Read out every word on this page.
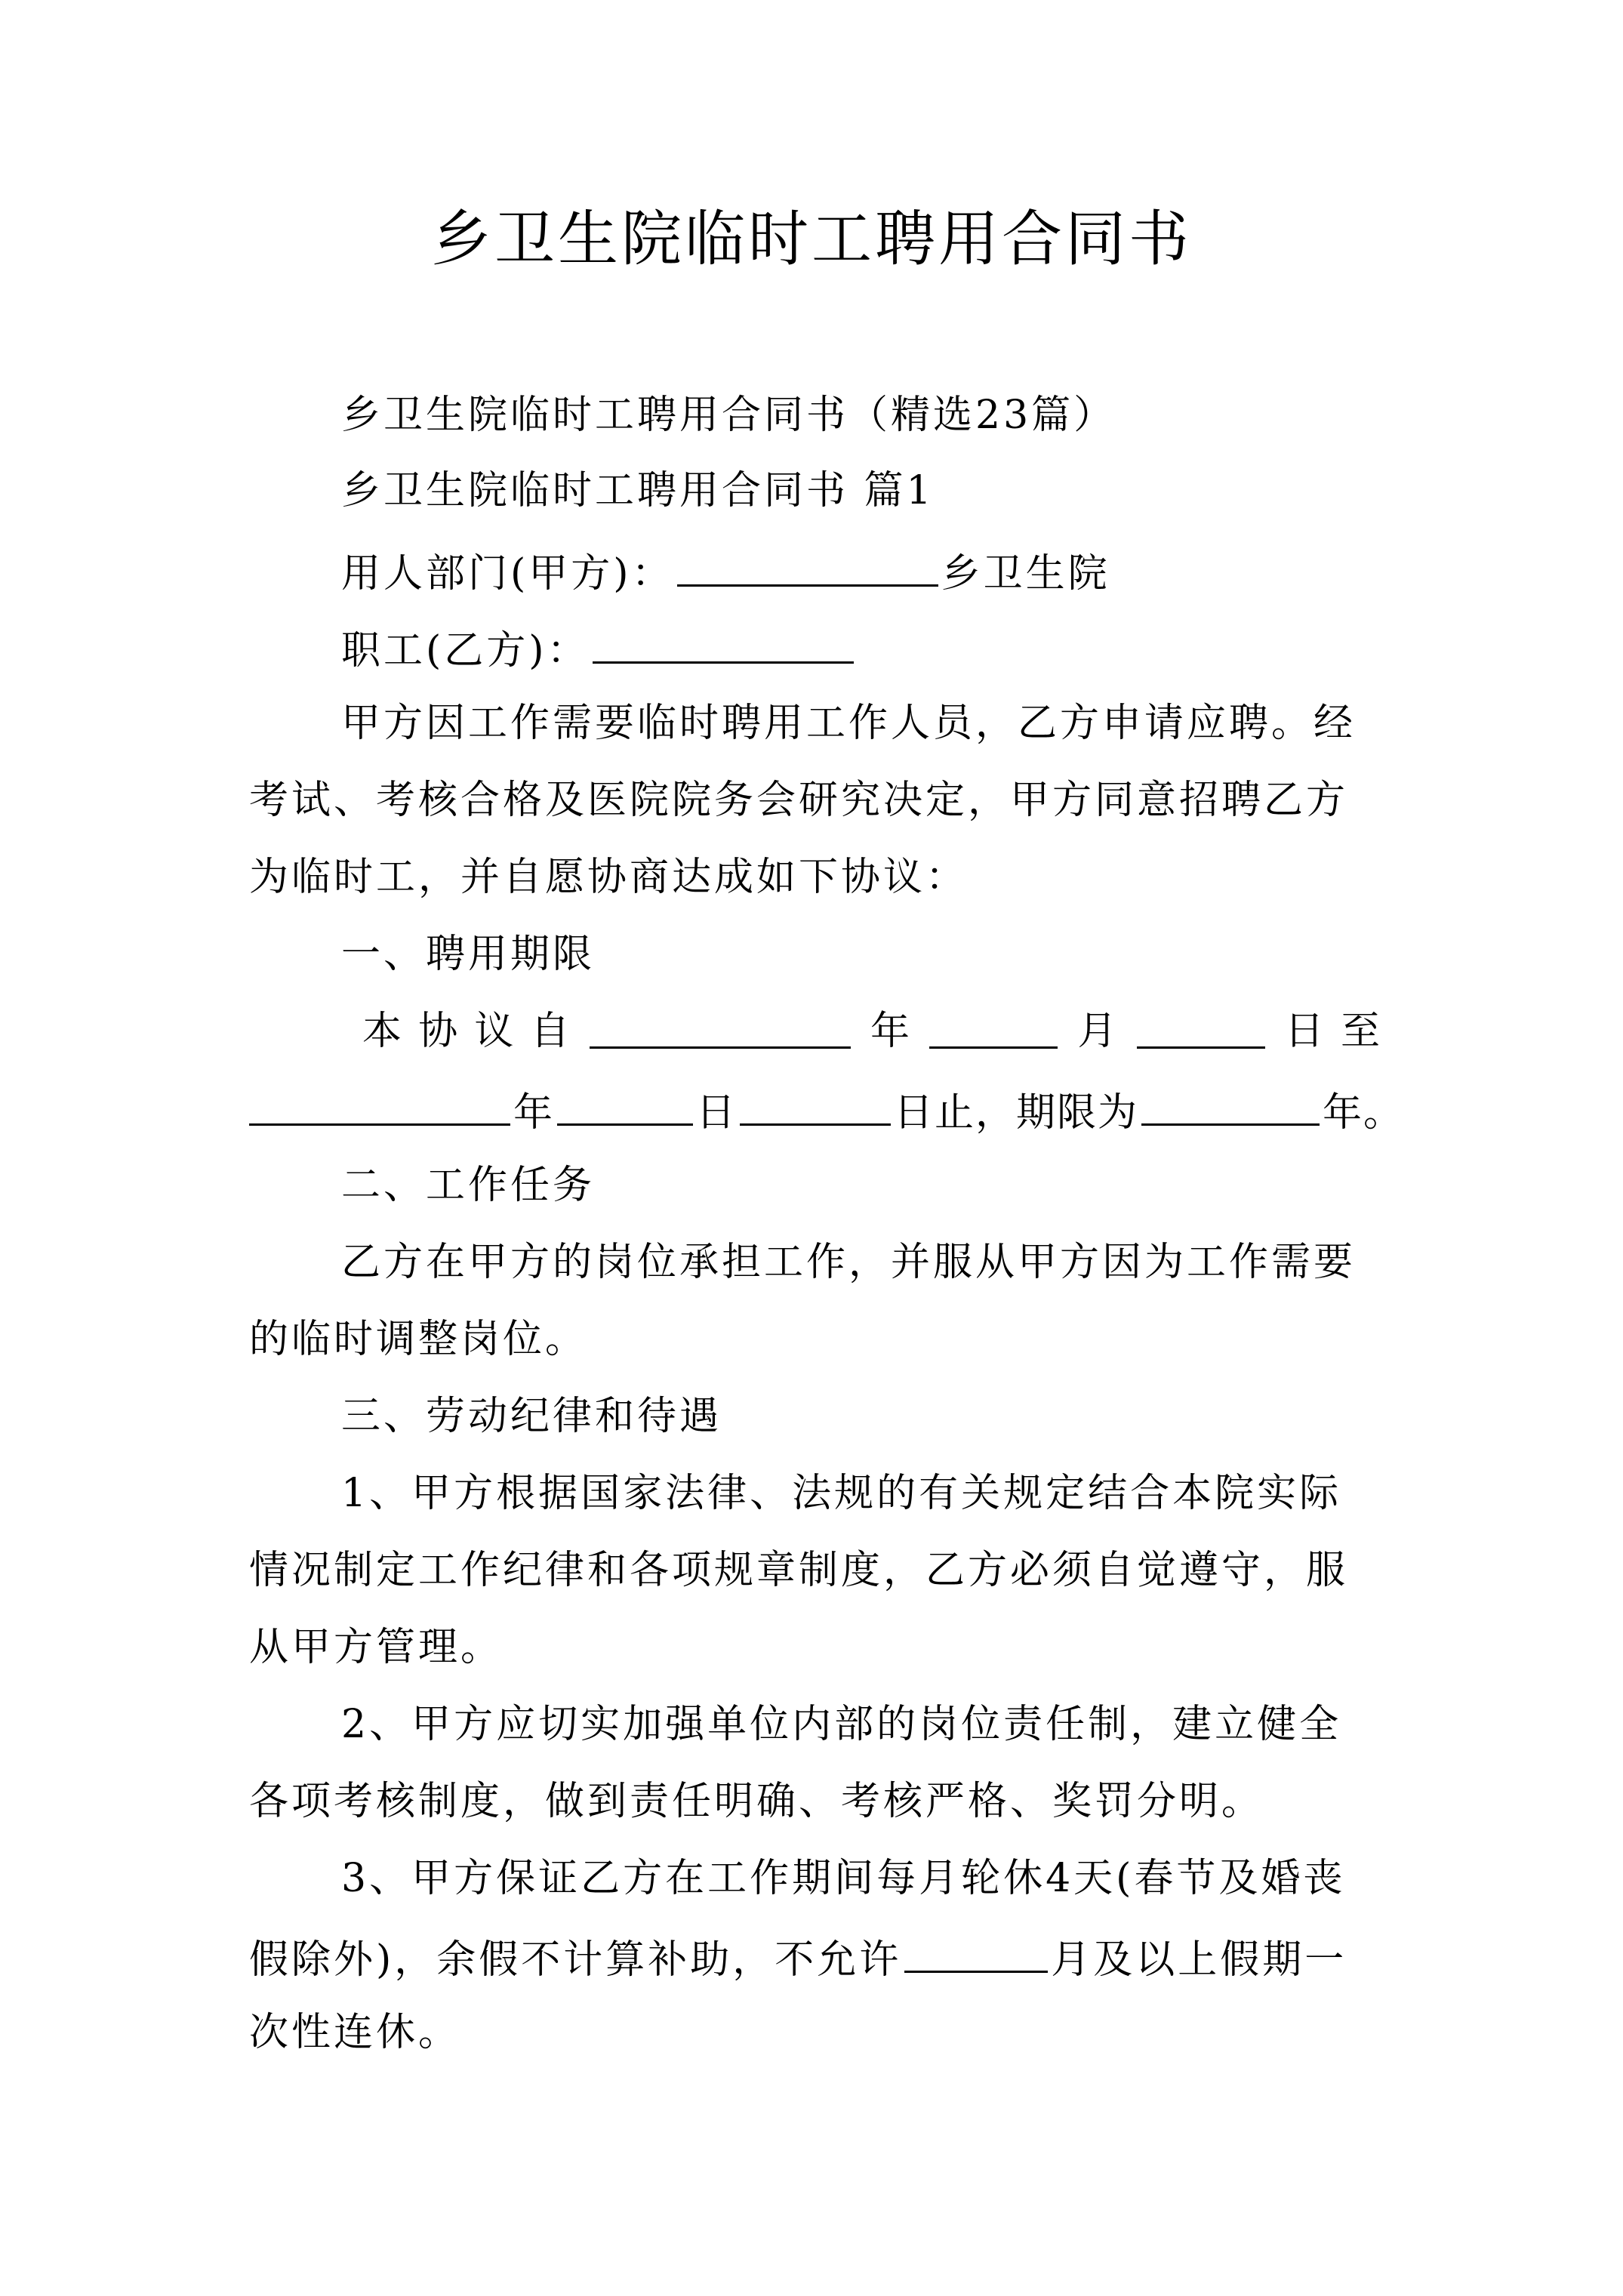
乡卫生院临时工聘用合同书
乡卫生院临时工聘用合同书（精选23篇）
乡卫生院临时工聘用合同书 篇1
用人部门(甲方)：	乡卫生院
职工(乙方)：
甲方因工作需要临时聘用工作人员，乙方申请应聘。经
考试、考核合格及医院院务会研究决定，甲方同意招聘乙方
为临时工，并自愿协商达成如下协议：
一、聘用期限
本 协 议 自	年	月	日 至
年	日	日止，期限为	年。
二、工作任务
乙方在甲方的岗位承担工作，并服从甲方因为工作需要
的临时调整岗位。
三、劳动纪律和待遇
1、甲方根据国家法律、法规的有关规定结合本院实际
情况制定工作纪律和各项规章制度，乙方必须自觉遵守，服
从甲方管理。
2、甲方应切实加强单位内部的岗位责任制，建立健全
各项考核制度，做到责任明确、考核严格、奖罚分明。
3、甲方保证乙方在工作期间每月轮休4天(春节及婚丧
假除外)，余假不计算补助，不允许	月及以上假期一
次性连休。
